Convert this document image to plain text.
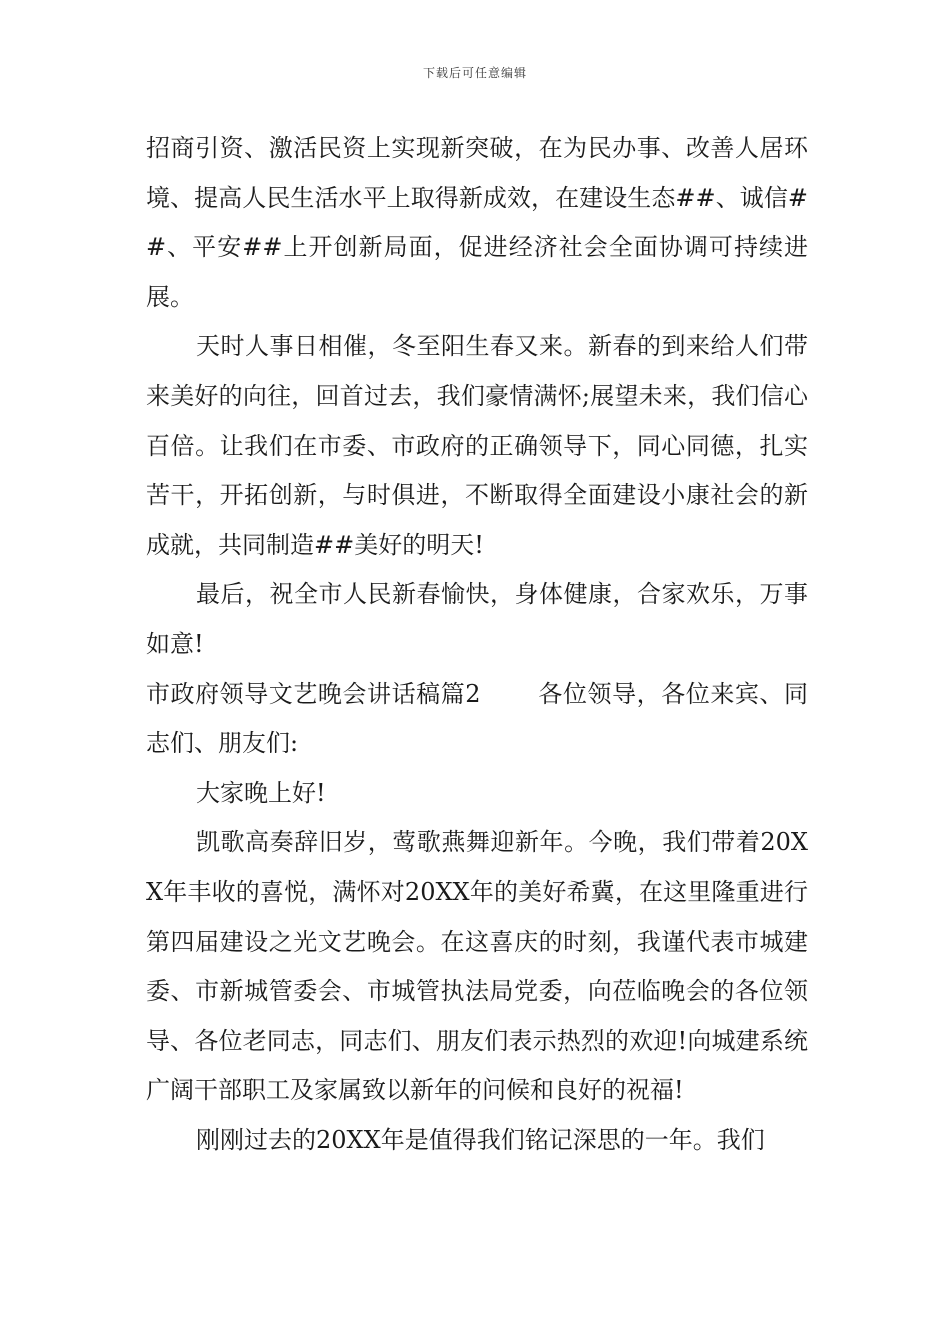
下载后可任意编辑

招商引资、激活民资上实现新突破，在为民办事、改善人居环境、提高人民生活水平上取得新成效，在建设生态##、诚信##、平安##上开创新局面，促进经济社会全面协调可持续进展。

天时人事日相催，冬至阳生春又来。新春的到来给人们带来美好的向往，回首过去，我们豪情满怀;展望未来，我们信心百倍。让我们在市委、市政府的正确领导下，同心同德，扎实苦干，开拓创新，与时俱进，不断取得全面建设小康社会的新成就，共同制造##美好的明天!

最后，祝全市人民新春愉快，身体健康，合家欢乐，万事如意!

市政府领导文艺晚会讲话稿篇2　　 各位领导，各位来宾、同志们、朋友们:

大家晚上好!

凯歌高奏辞旧岁，莺歌燕舞迎新年。今晚，我们带着20XX年丰收的喜悦，满怀对20XX年的美好希冀，在这里隆重进行第四届建设之光文艺晚会。在这喜庆的时刻，我谨代表市城建委、市新城管委会、市城管执法局党委，向莅临晚会的各位领导、各位老同志，同志们、朋友们表示热烈的欢迎!向城建系统广阔干部职工及家属致以新年的问候和良好的祝福!

刚刚过去的20XX年是值得我们铭记深思的一年。我们
